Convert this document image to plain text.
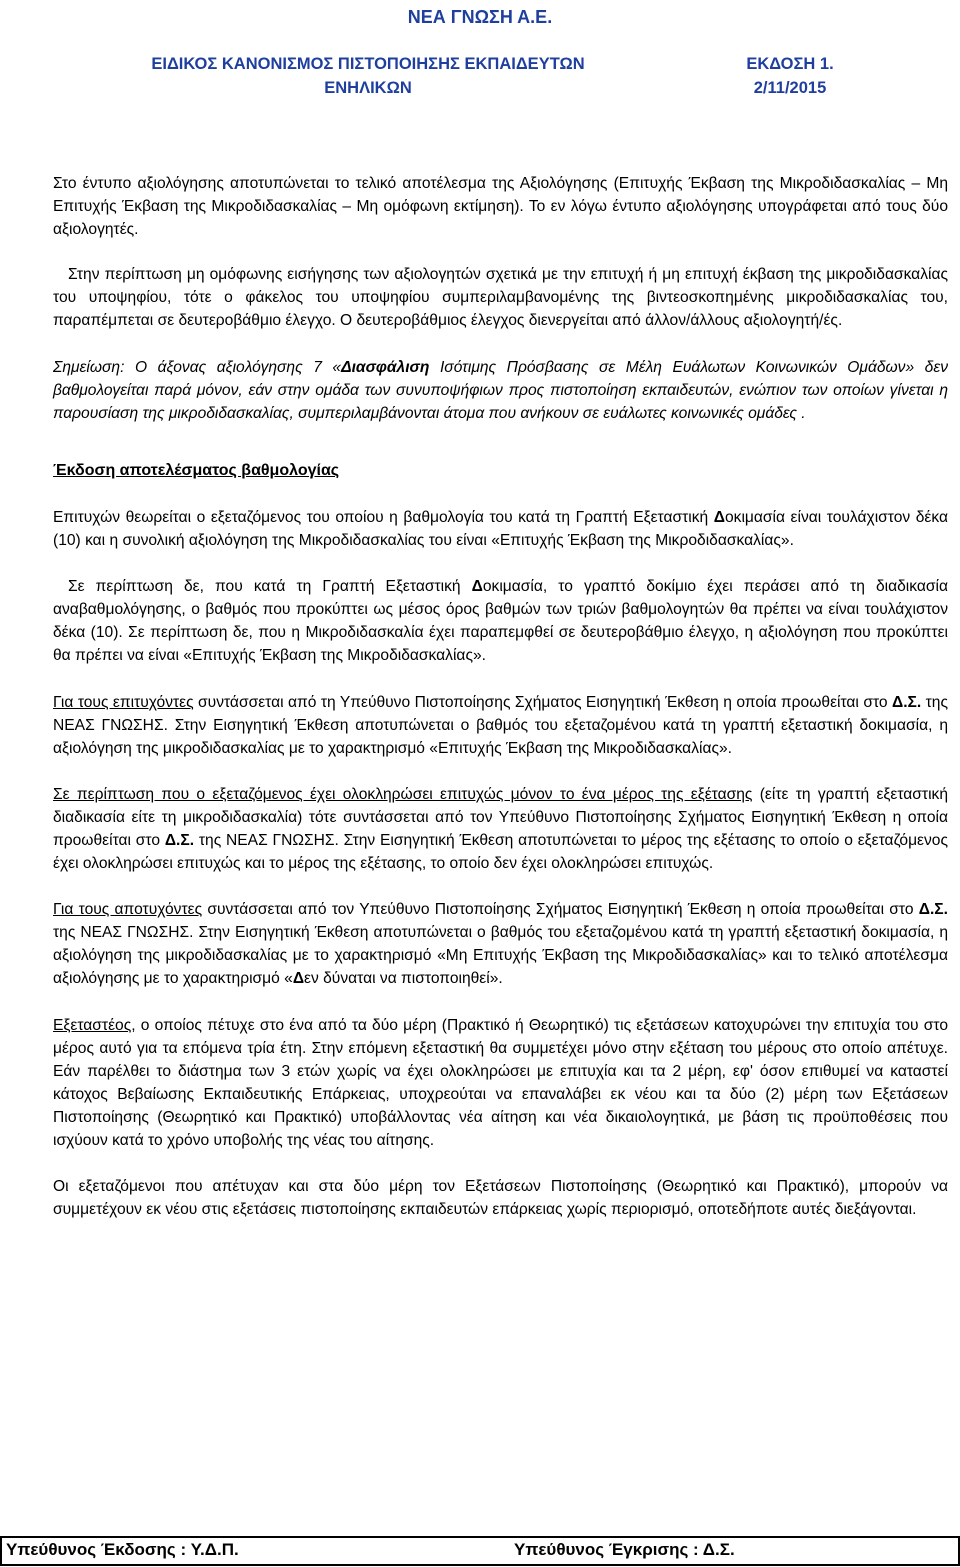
ΝΕΑ ΓΝΩΣΗ Α.Ε.
ΕΙΔΙΚΟΣ ΚΑΝΟΝΙΣΜΟΣ ΠΙΣΤΟΠΟΙΗΣΗΣ ΕΚΠΑΙΔΕΥΤΩΝ
ΕΝΗΛΙΚΩΝ
ΕΚΔΟΣΗ 1.
2/11/2015

Στο έντυπο αξιολόγησης αποτυπώνεται το τελικό αποτέλεσμα της Αξιολόγησης (Επιτυχής Έκβαση της Μικροδιδασκαλίας – Μη Επιτυχής Έκβαση της Μικροδιδασκαλίας – Μη ομόφωνη εκτίμηση). Το εν λόγω έντυπο αξιολόγησης υπογράφεται από τους δύο αξιολογητές.

Στην περίπτωση μη ομόφωνης εισήγησης των αξιολογητών σχετικά με την επιτυχή ή μη επιτυχή έκβαση της μικροδιδασκαλίας του υποψηφίου, τότε ο φάκελος του υποψηφίου συμπεριλαμβανομένης της βιντεοσκοπημένης μικροδιδασκαλίας του, παραπέμπεται σε δευτεροβάθμιο έλεγχο. Ο δευτεροβάθμιος έλεγχος διενεργείται από άλλον/άλλους αξιολογητή/ές.

Σημείωση: Ο άξονας αξιολόγησης 7 «Διασφάλιση Ισότιμης Πρόσβασης σε Μέλη Ευάλωτων Κοινωνικών Ομάδων» δεν βαθμολογείται παρά μόνον, εάν στην ομάδα των συνυποψήφιων προς πιστοποίηση εκπαιδευτών, ενώπιον των οποίων γίνεται η παρουσίαση της μικροδιδασκαλίας, συμπεριλαμβάνονται άτομα που ανήκουν σε ευάλωτες κοινωνικές ομάδες .

Έκδοση αποτελέσματος βαθμολογίας

Επιτυχών θεωρείται ο εξεταζόμενος του οποίου η βαθμολογία του κατά τη Γραπτή Εξεταστική Δοκιμασία είναι τουλάχιστον δέκα (10) και η συνολική αξιολόγηση της Μικροδιδασκαλίας του είναι «Επιτυχής Έκβαση της Μικροδιδασκαλίας».

Σε περίπτωση δε, που κατά τη Γραπτή Εξεταστική Δοκιμασία, το γραπτό δοκίμιο έχει περάσει από τη διαδικασία αναβαθμολόγησης, ο βαθμός που προκύπτει ως μέσος όρος βαθμών των τριών βαθμολογητών θα πρέπει να είναι τουλάχιστον δέκα (10). Σε περίπτωση δε, που η Μικροδιδασκαλία έχει παραπεμφθεί σε δευτεροβάθμιο έλεγχο, η αξιολόγηση που προκύπτει θα πρέπει να είναι «Επιτυχής Έκβαση της Μικροδιδασκαλίας».

Για τους επιτυχόντες συντάσσεται από τη Υπεύθυνο Πιστοποίησης Σχήματος Εισηγητική Έκθεση η οποία προωθείται στο Δ.Σ. της ΝΕΑΣ ΓΝΩΣΗΣ. Στην Εισηγητική Έκθεση αποτυπώνεται ο βαθμός του εξεταζομένου κατά τη γραπτή εξεταστική δοκιμασία, η αξιολόγηση της μικροδιδασκαλίας με το χαρακτηρισμό «Επιτυχής Έκβαση της Μικροδιδασκαλίας».

Σε περίπτωση που ο εξεταζόμενος έχει ολοκληρώσει επιτυχώς μόνον το ένα μέρος της εξέτασης (είτε τη γραπτή εξεταστική διαδικασία είτε τη μικροδιδασκαλία) τότε συντάσσεται από τον Υπεύθυνο Πιστοποίησης Σχήματος Εισηγητική Έκθεση η οποία προωθείται στο Δ.Σ. της ΝΕΑΣ ΓΝΩΣΗΣ. Στην Εισηγητική Έκθεση αποτυπώνεται το μέρος της εξέτασης το οποίο ο εξεταζόμενος έχει ολοκληρώσει επιτυχώς και το μέρος της εξέτασης, το οποίο δεν έχει ολοκληρώσει επιτυχώς.

Για τους αποτυχόντες συντάσσεται από τον Υπεύθυνο Πιστοποίησης Σχήματος Εισηγητική Έκθεση η οποία προωθείται στο Δ.Σ. της ΝΕΑΣ ΓΝΩΣΗΣ. Στην Εισηγητική Έκθεση αποτυπώνεται ο βαθμός του εξεταζομένου κατά τη γραπτή εξεταστική δοκιμασία, η αξιολόγηση της μικροδιδασκαλίας με το χαρακτηρισμό «Μη Επιτυχής Έκβαση της Μικροδιδασκαλίας» και το τελικό αποτέλεσμα αξιολόγησης με το χαρακτηρισμό «Δεν δύναται να πιστοποιηθεί».

Εξεταστέος, ο οποίος πέτυχε στο ένα από τα δύο μέρη (Πρακτικό ή Θεωρητικό) τις εξετάσεων κατοχυρώνει την επιτυχία του στο μέρος αυτό για τα επόμενα τρία έτη. Στην επόμενη εξεταστική θα συμμετέχει μόνο στην εξέταση του μέρους στο οποίο απέτυχε. Εάν παρέλθει το διάστημα των 3 ετών χωρίς να έχει ολοκληρώσει με επιτυχία και τα 2 μέρη, εφ' όσον επιθυμεί να καταστεί κάτοχος Βεβαίωσης Εκπαιδευτικής Επάρκειας, υποχρεούται να επαναλάβει εκ νέου και τα δύο (2) μέρη των Εξετάσεων Πιστοποίησης (Θεωρητικό και Πρακτικό) υποβάλλοντας νέα αίτηση και νέα δικαιολογητικά, με βάση τις προϋποθέσεις που ισχύουν κατά το χρόνο υποβολής της νέας του αίτησης.

Οι εξεταζόμενοι που απέτυχαν και στα δύο μέρη τον Εξετάσεων Πιστοποίησης (Θεωρητικό και Πρακτικό), μπορούν να συμμετέχουν εκ νέου στις εξετάσεις πιστοποίησης εκπαιδευτών επάρκειας χωρίς περιορισμό, οποτεδήποτε αυτές διεξάγονται.

Υπεύθυνος Έκδοσης : Υ.Δ.Π.	Υπεύθυνος Έγκρισης : Δ.Σ.
